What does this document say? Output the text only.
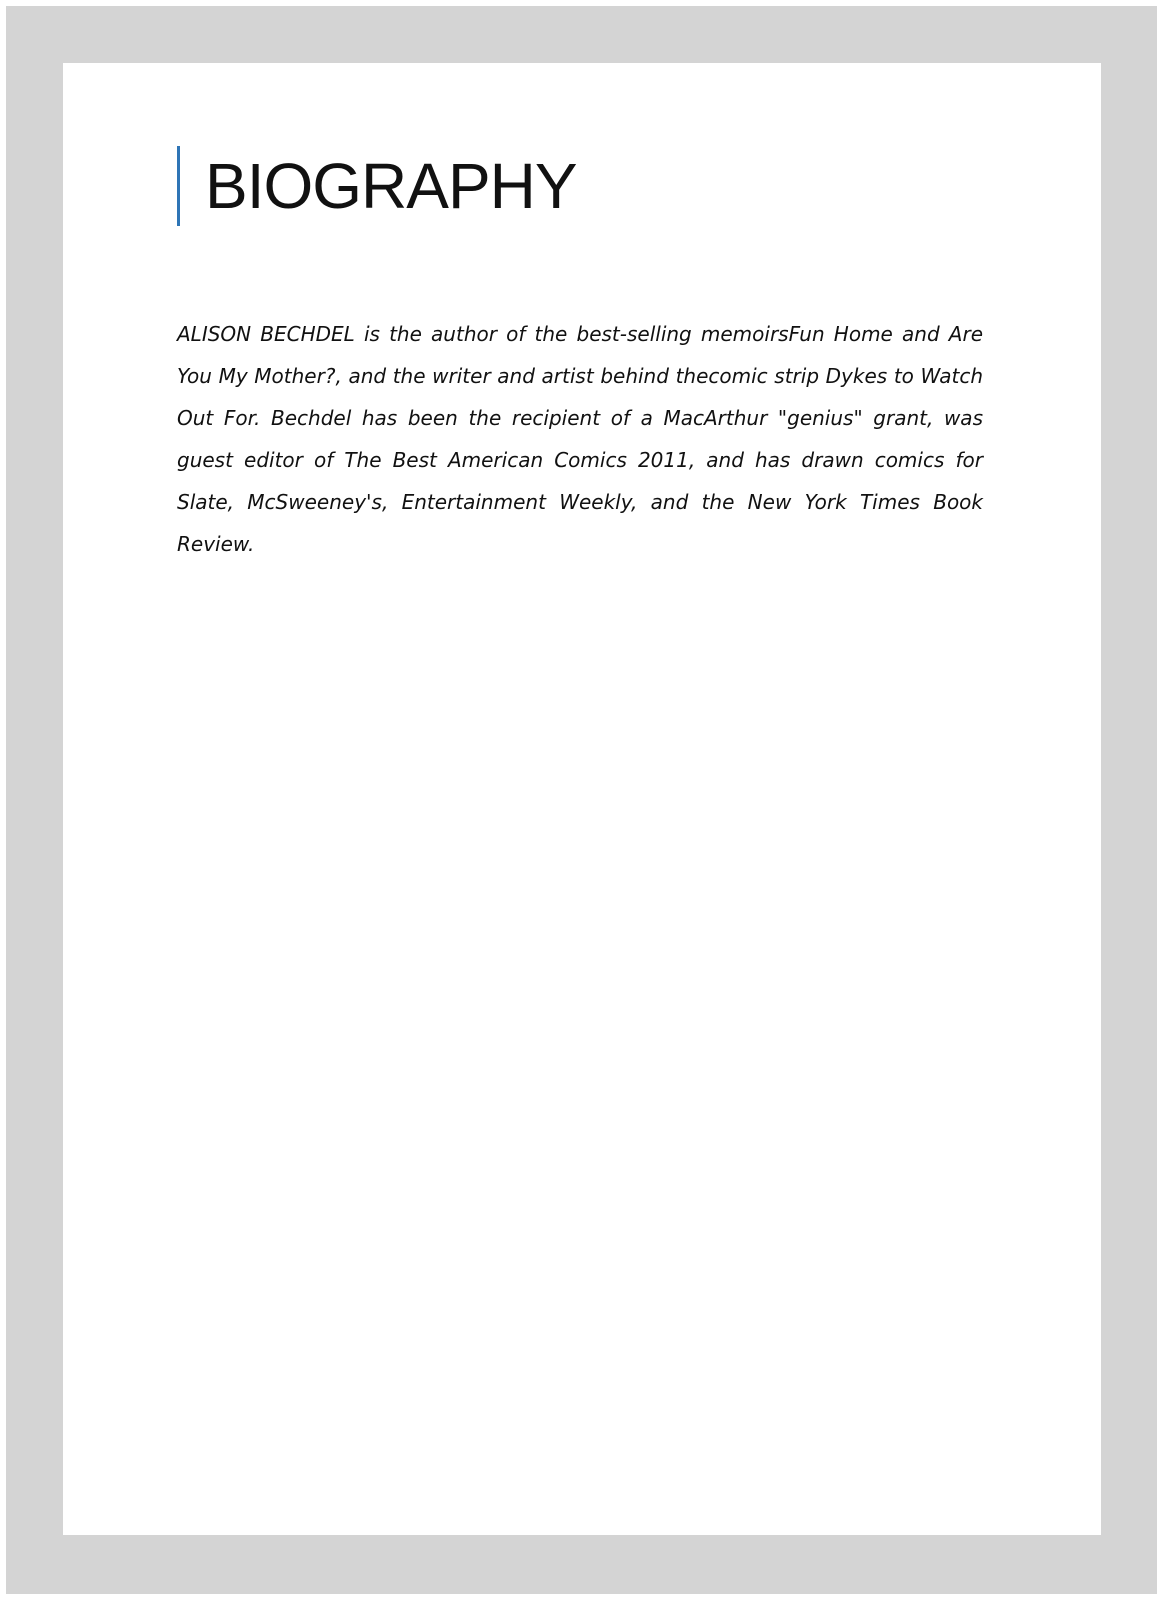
BIOGRAPHY

ALISON BECHDEL is the author of the best-selling memoirsFun Home and Are You My Mother?, and the writer and artist behind thecomic strip Dykes to Watch Out For. Bechdel has been the recipient of a MacArthur "genius" grant, was guest editor of The Best American Comics 2011, and has drawn comics for Slate, McSweeney's, Entertainment Weekly, and the New York Times Book Review.
